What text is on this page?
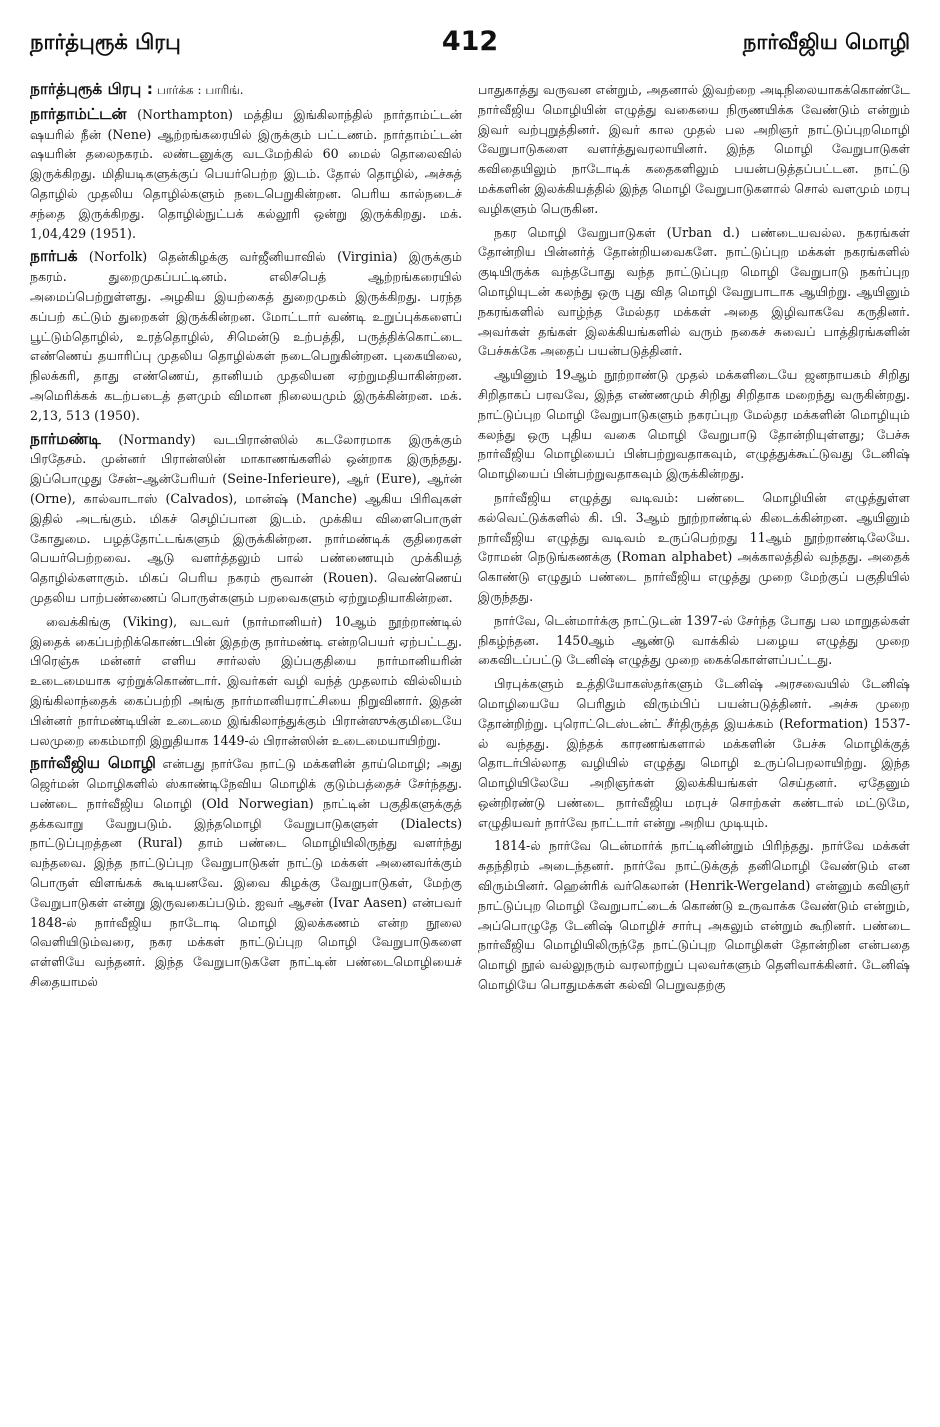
நார்த்புரூக் பிரபு	412	நார்வீஜிய மொழி

நார்த்புரூக் பிரபு : பார்க்க : பாரிங்.

நார்தாம்ட்டன் (Northampton) மத்திய இங்கிலாந்தில் நார்தாம்ட்டன் ஷயரில் நீன் (Nene) ஆற்றங்கரையில் இருக்கும் பட்டணம். நார்தாம்ட்டன் ஷயரின் தலைநகரம். லண்டனுக்கு வடமேற்கில் 60 மைல் தொலைவில் இருக்கிறது. மிதியடிகளுக்குப் பெயர்பெற்ற இடம். தோல் தொழில், அச்சுத் தொழில் முதலிய தொழில்களும் நடைபெறுகின்றன. பெரிய கால்நடைச் சந்தை இருக்கிறது. தொழில்நுட்பக் கல்லூரி ஒன்று இருக்கிறது. மக். 1,04,429 (1951).

நார்பக் (Norfolk) தென்கிழக்கு வர்ஜீனியாவில் (Virginia) இருக்கும் நகரம். துறைமுகப்பட்டினம். எலிசபெத் ஆற்றங்கரையில் அமைப்பெற்றுள்ளது. அழகிய இயற்கைத் துறைமுகம் இருக்கிறது. பரந்த கப்பற் கட்டும் துறைகள் இருக்கின்றன. மோட்டார் வண்டி உறுப்புக்களைப் பூட்டும்தொழில், உரத்தொழில், சிமென்டு உற்பத்தி, பருத்திக்கொட்டை எண்ணெய் தயாரிப்பு முதலிய தொழில்கள் நடைபெறுகின்றன. புகையிலை, நிலக்கரி, தாது எண்ணெய், தானியம் முதலியன ஏற்றுமதியாகின்றன. அமெரிக்கக் கடற்படைத் தளமும் விமான நிலையமும் இருக்கின்றன. மக். 2,13, 513 (1950).

நார்மண்டி (Normandy) வடபிரான்ஸில் கடலோரமாக இருக்கும் பிரதேசம். முன்னர் பிரான்ஸின் மாகாணங்களில் ஒன்றாக இருந்தது. இப்பொழுது சேன்–ஆன்பேரியர் (Seine-Inferieure), ஆர் (Eure), ஆர்ன் (Orne), கால்வாடாஸ் (Calvados), மான்ஷ் (Manche) ஆகிய பிரிவுகள் இதில் அடங்கும். மிகச் செழிப்பான இடம். முக்கிய விளைபொருள் கோதுமை. பழத்தோட்டங்களும் இருக்கின்றன. நார்மண்டிக் குதிரைகள் பெயர்பெற்றவை. ஆடு வளர்த்தலும் பால் பண்ணையும் முக்கியத் தொழில்களாகும். மிகப் பெரிய நகரம் ரூவான் (Rouen). வெண்ணெய் முதலிய பாற்பண்ணைப் பொருள்களும் பறவைகளும் ஏற்றுமதியாகின்றன.

வைக்கிங்கு (Viking), வடவர் (நார்மானியர்) 10ஆம் நூற்றாண்டில் இதைக் கைப்பற்றிக்கொண்டபின் இதற்கு நார்மண்டி என்றபெயர் ஏற்பட்டது. பிரெஞ்சு மன்னர் எளிய சார்லஸ் இப்பகுதியை நார்மானியரின் உடைமையாக ஏற்றுக்கொண்டார். இவர்கள் வழி வந்த் முதலாம் வில்லியம் இங்கிலாந்தைக் கைப்பற்றி அங்கு நார்மானியராட்சியை நிறுவினார். இதன் பின்னர் நார்மண்டியின் உடைமை இங்கிலாந்துக்கும் பிரான்ஸுக்குமிடையே பலமுறை கைம்மாறி இறுதியாக 1449-ல் பிரான்ஸின் உடைமையாயிற்று.

நார்வீஜிய மொழி என்பது நார்வே நாட்டு மக்களின் தாய்மொழி; அது ஜெர்மன் மொழிகளில் ஸ்காண்டிநேவிய மொழிக் குடும்பத்தைச் சேர்ந்தது. பண்டை நார்வீஜிய மொழி (Old Norwegian) நாட்டின் பகுதிகளுக்குத் தக்கவாறு வேறுபடும். இந்தமொழி வேறுபாடுகளுள் (Dialects) நாட்டுப்புறத்தன (Rural) தாம் பண்டை மொழியிலிருந்து வளர்ந்து வந்தவை. இந்த நாட்டுப்புற வேறுபாடுகள் நாட்டு மக்கள் அனைவர்க்கும் பொருள் விளங்கக் கூடியனவே. இவை கிழக்கு வேறுபாடுகள், மேற்கு வேறுபாடுகள் என்று இருவகைப்படும். ஐவர் ஆசன் (Ivar Aasen) என்பவர் 1848-ல் நார்வீஜிய நாடோடி மொழி இலக்கணம் என்ற நூலை வெளியிடும்வரை, நகர மக்கள் நாட்டுப்புற மொழி வேறுபாடுகளை எள்ளியே வந்தனர். இந்த வேறுபாடுகளே நாட்டின் பண்டைமொழியைச் சிதையாமல்

பாதுகாத்து வருவன என்றும், அதனால் இவற்றை அடிநிலையாகக்கொண்டே நார்வீஜிய மொழியின் எழுத்து வகையை நிருணயிக்க வேண்டும் என்றும் இவர் வற்புறுத்தினர். இவர் கால முதல் பல அறிஞர் நாட்டுப்புறமொழி வேறுபாடுகளை வளர்த்துவரலாயினர். இந்த மொழி வேறுபாடுகள் கவிதையிலும் நாடோடிக் கதைகளிலும் பயன்படுத்தப்பட்டன. நாட்டு மக்களின் இலக்கியத்தில் இந்த மொழி வேறுபாடுகளால் சொல் வளமும் மரபு வழிகளும் பெருகின.

நகர மொழி வேறுபாடுகள் (Urban d.) பண்டையவல்ல. நகரங்கள் தோன்றிய பின்னர்த் தோன்றியவைகளே. நாட்டுப்புற மக்கள் நகரங்களில் குடியிருக்க வந்தபோது வந்த நாட்டுப்புற மொழி வேறுபாடு நகர்ப்புற மொழியுடன் கலந்து ஒரு புது வித மொழி வேறுபாடாக ஆயிற்று. ஆயினும் நகரங்களில் வாழ்ந்த மேல்தர மக்கள் அதை இழிவாகவே கருதினர். அவர்கள் தங்கள் இலக்கியங்களில் வரும் நகைச் சுவைப் பாத்திரங்களின் பேச்சுக்கே அதைப் பயன்படுத்தினர்.

ஆயினும் 19ஆம் நூற்றாண்டு முதல் மக்களிடையே ஜனநாயகம் சிறிது சிறிதாகப் பரவவே, இந்த எண்ணமும் சிறிது சிறிதாக மறைந்து வருகின்றது. நாட்டுப்புற மொழி வேறுபாடுகளும் நகரப்புற மேல்தர மக்களின் மொழியும் கலந்து ஒரு புதிய வகை மொழி வேறுபாடு தோன்றியுள்ளது; பேச்சு நார்வீஜிய மொழியைப் பின்பற்றுவதாகவும், எழுத்துக்கூட்டுவது டேனிஷ் மொழியைப் பின்பற்றுவதாகவும் இருக்கின்றது.

நார்வீஜிய எழுத்து வடிவம்: பண்டை மொழியின் எழுத்துள்ள கல்வெட்டுக்களில் கி. பி. 3ஆம் நூற்றாண்டில் கிடைக்கின்றன. ஆயினும் நார்வீஜிய எழுத்து வடிவம் உருப்பெற்றது 11ஆம் நூற்றாண்டிலேயே. ரோமன் நெடுங்கணக்கு (Roman alphabet) அக்காலத்தில் வந்தது. அதைக் கொண்டு எழுதும் பண்டை நார்வீஜிய எழுத்து முறை மேற்குப் பகுதியில் இருந்தது.

நார்வே, டென்மார்க்கு நாட்டுடன் 1397-ல் சேர்ந்த போது பல மாறுதல்கள் நிகழ்ந்தன. 1450ஆம் ஆண்டு வாக்கில் பழைய எழுத்து முறை கைவிடப்பட்டு டேனிஷ் எழுத்து முறை கைக்கொள்ளப்பட்டது.

பிரபுக்களும் உத்தியோகஸ்தர்களும் டேனிஷ் அரசவையில் டேனிஷ் மொழியையே பெரிதும் விரும்பிப் பயன்படுத்தினர். அச்சு முறை தோன்றிற்று. புரொட்டெஸ்டன்ட் சீர்திருத்த இயக்கம் (Reformation) 1537-ல் வந்தது. இந்தக் காரணங்களால் மக்களின் பேச்சு மொழிக்குத் தொடர்பில்லாத வழியில் எழுத்து மொழி உருப்பெறலாயிற்று. இந்த மொழியிலேயே அறிஞர்கள் இலக்கியங்கள் செய்தனர். ஏதேனும் ஒன்றிரண்டு பண்டை நார்வீஜிய மரபுச் சொற்கள் கண்டால் மட்டுமே, எழுதியவர் நார்வே நாட்டார் என்று அறிய முடியும்.

1814-ல் நார்வே டென்மார்க் நாட்டினின்றும் பிரிந்தது. நார்வே மக்கள் சுதந்திரம் அடைந்தனர். நார்வே நாட்டுக்குத் தனிமொழி வேண்டும் என விரும்பினர். ஹென்ரிக் வர்கெலான் (Henrik-Wergeland) என்னும் கவிஞர் நாட்டுப்புற மொழி வேறுபாட்டைக் கொண்டு உருவாக்க வேண்டும் என்றும், அப்பொழுதே டேனிஷ் மொழிச் சார்பு அகலும் என்றும் கூறினர். பண்டை நார்வீஜிய மொழியிலிருந்தே நாட்டுப்புற மொழிகள் தோன்றின என்பதை மொழி நூல் வல்லுநரும் வரலாற்றுப் புலவர்களும் தெளிவாக்கினர். டேனிஷ் மொழியே பொதுமக்கள் கல்வி பெறுவதற்கு
